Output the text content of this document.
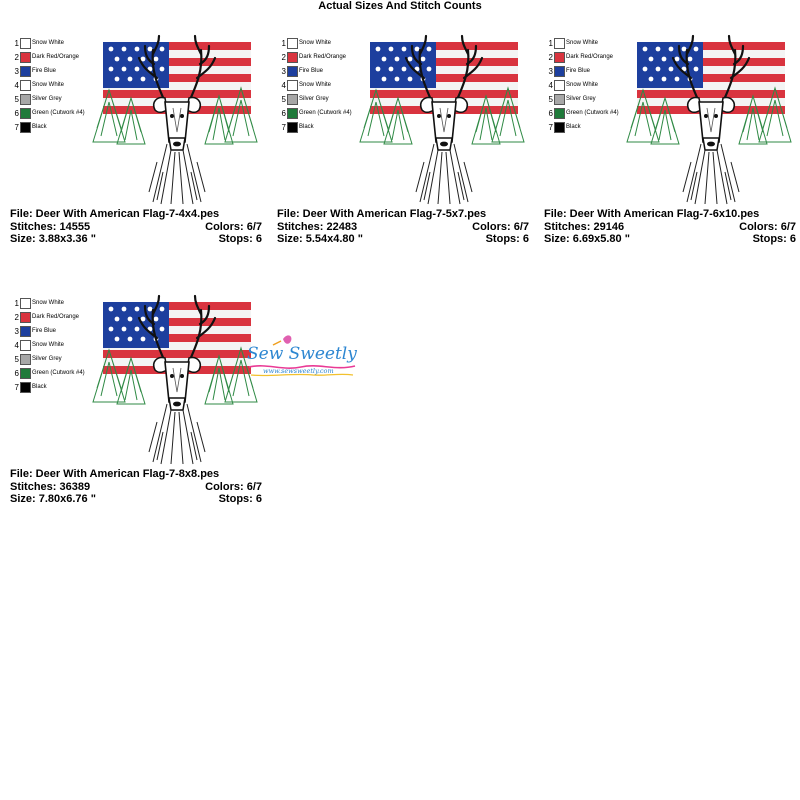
Actual Sizes And Stitch Counts
1 Snow White
2 Dark Red/Orange
3 Fire Blue
4 Snow White
5 Silver Grey
6 Green (Cutwork #4)
7 Black
File: Deer With American Flag-7-4x4.pes
Stitches: 14555	Colors: 6/7
Size: 3.88x3.36 "	Stops: 6
1 Snow White
2 Dark Red/Orange
3 Fire Blue
4 Snow White
5 Silver Grey
6 Green (Cutwork #4)
7 Black
File: Deer With American Flag-7-5x7.pes
Stitches: 22483	Colors: 6/7
Size: 5.54x4.80 "	Stops: 6
1 Snow White
2 Dark Red/Orange
3 Fire Blue
4 Snow White
5 Silver Grey
6 Green (Cutwork #4)
7 Black
File: Deer With American Flag-7-6x10.pes
Stitches: 29146	Colors: 6/7
Size: 6.69x5.80 "	Stops: 6
1 Snow White
2 Dark Red/Orange
3 Fire Blue
4 Snow White
5 Silver Grey
6 Green (Cutwork #4)
7 Black
File: Deer With American Flag-7-8x8.pes
Stitches: 36389	Colors: 6/7
Size: 7.80x6.76 "	Stops: 6
Sew Sweetly
www.sewsweetly.com
